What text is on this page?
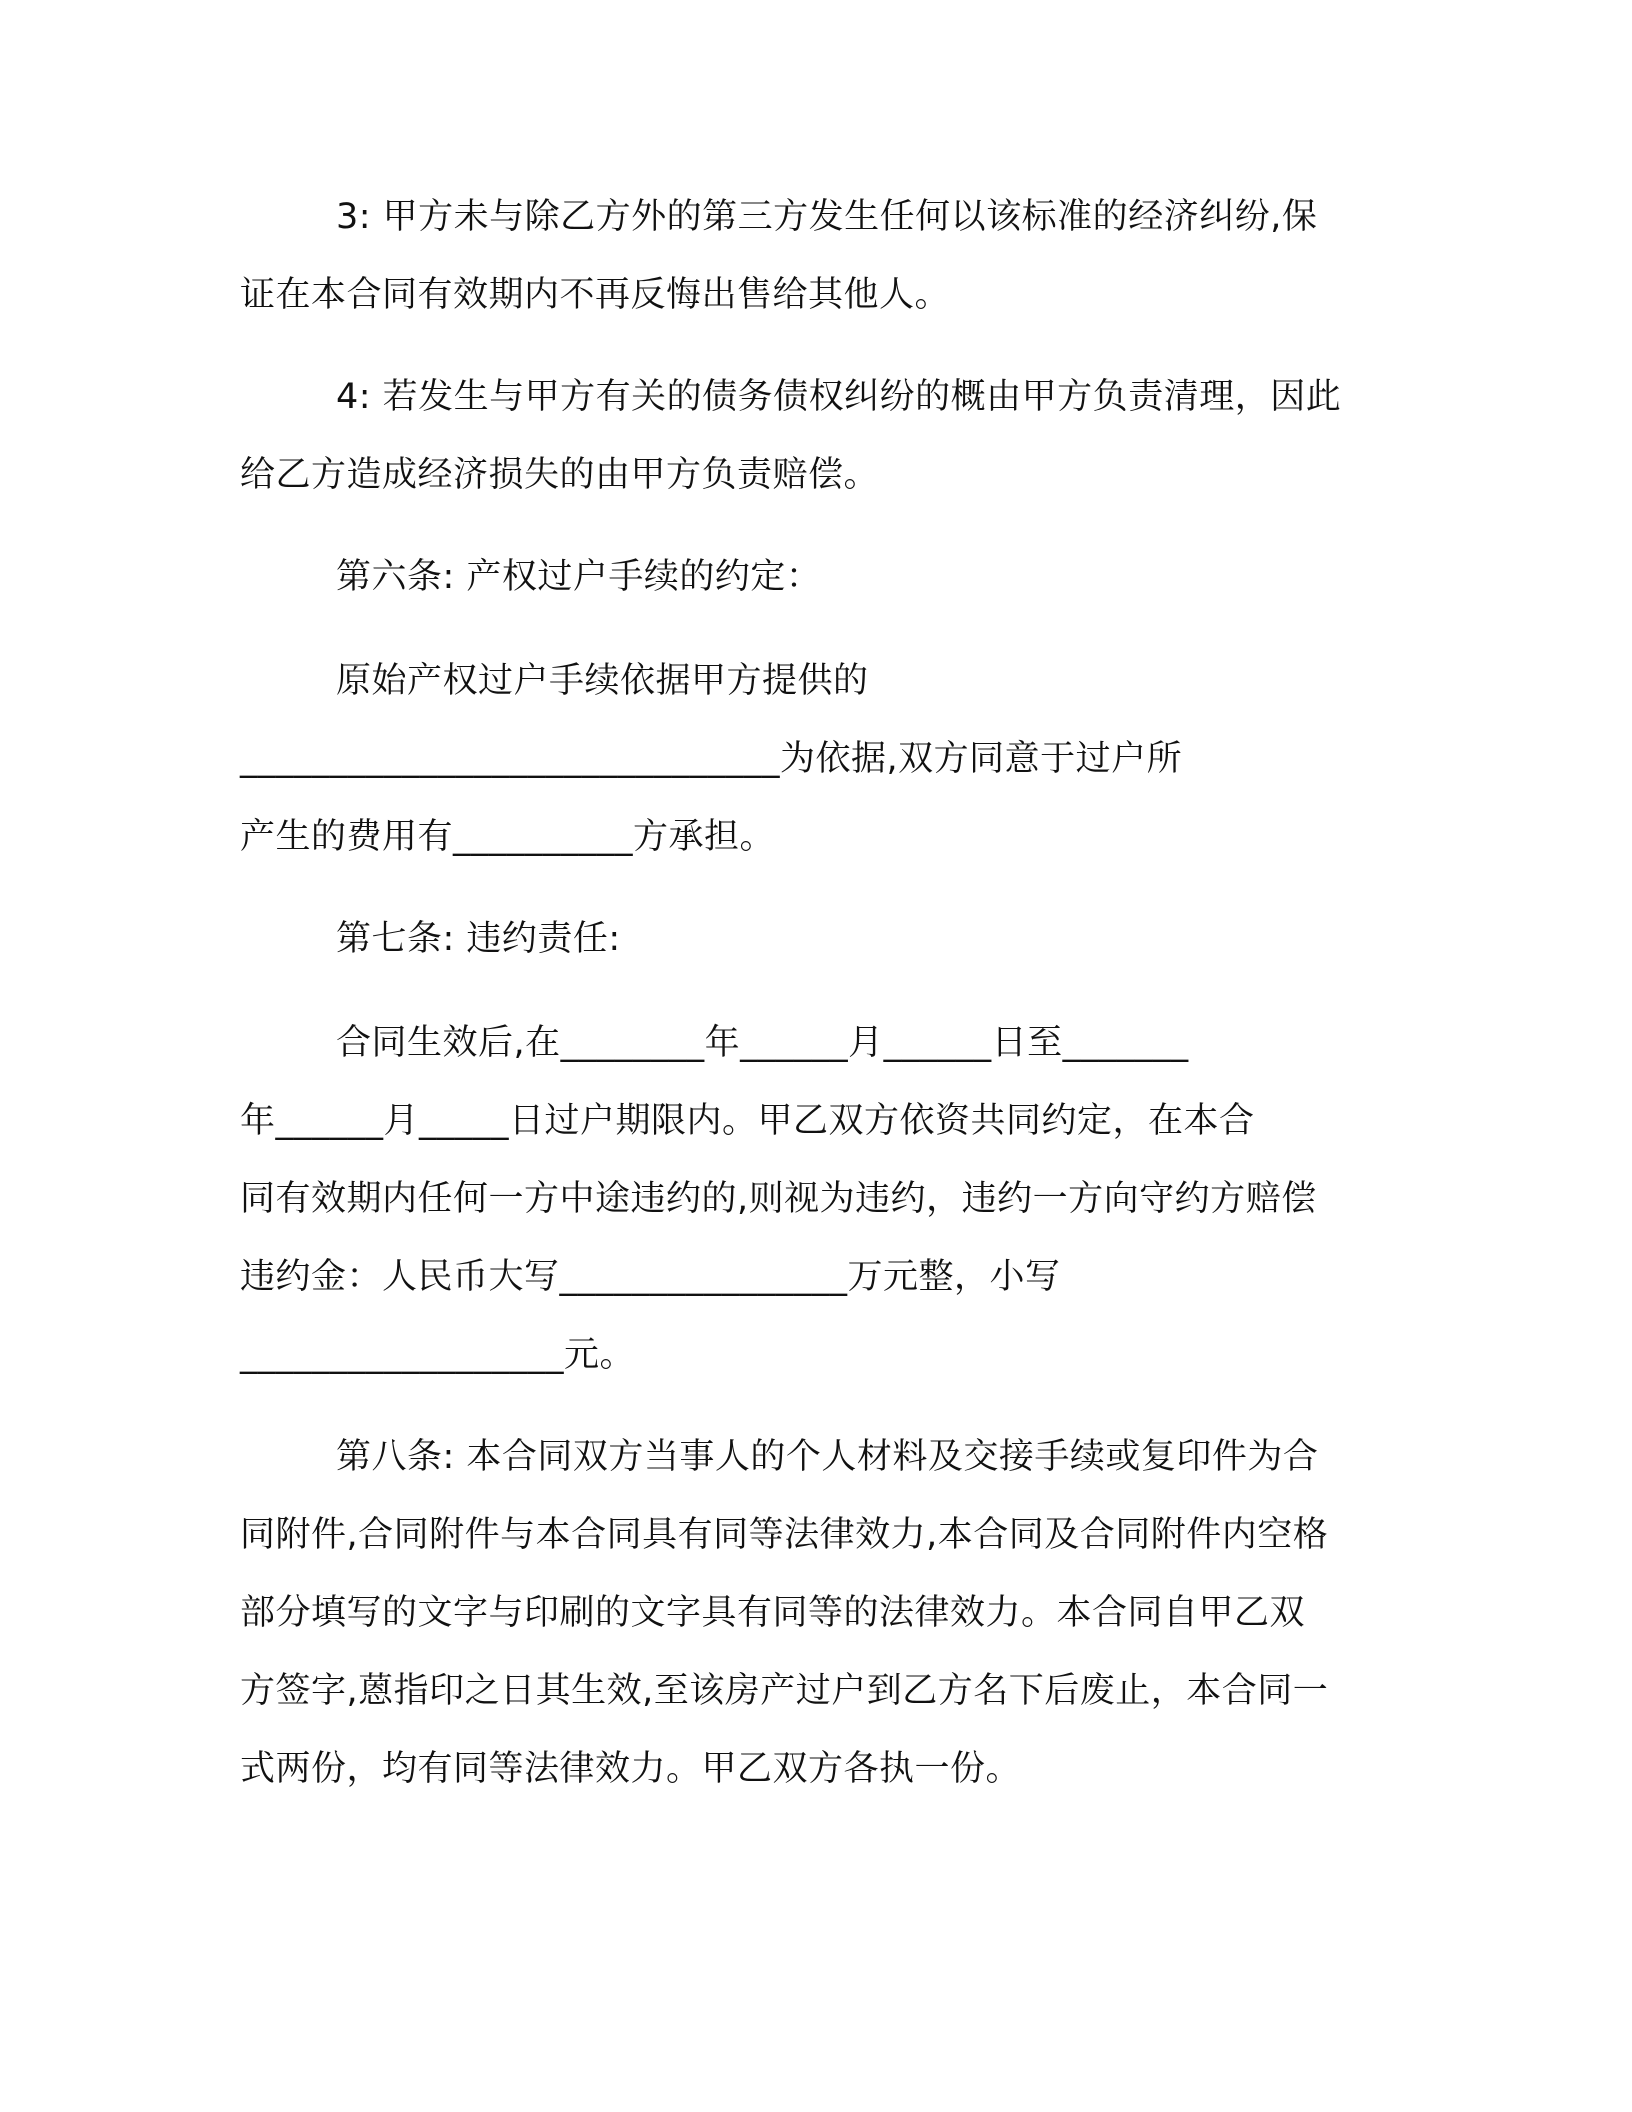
3: 甲方未与除乙方外的第三方发生任何以该标准的经济纠纷,保
证在本合同有效期内不再反悔出售给其他人。
4: 若发生与甲方有关的债务债权纠纷的概由甲方负责清理，因此
给乙方造成经济损失的由甲方负责赔偿。
第六条: 产权过户手续的约定：
原始产权过户手续依据甲方提供的
______________________________为依据,双方同意于过户所
产生的费用有__________方承担。
第七条: 违约责任:
合同生效后,在________年______月______日至_______
年______月_____日过户期限内。甲乙双方依资共同约定，在本合
同有效期内任何一方中途违约的,则视为违约，违约一方向守约方赔偿
违约金：人民币大写________________万元整，小写
__________________元。
第八条: 本合同双方当事人的个人材料及交接手续或复印件为合
同附件,合同附件与本合同具有同等法律效力,本合同及合同附件内空格
部分填写的文字与印刷的文字具有同等的法律效力。本合同自甲乙双
方签字,蒽指印之日其生效,至该房产过户到乙方名下后废止，本合同一
式两份，均有同等法律效力。甲乙双方各执一份。
